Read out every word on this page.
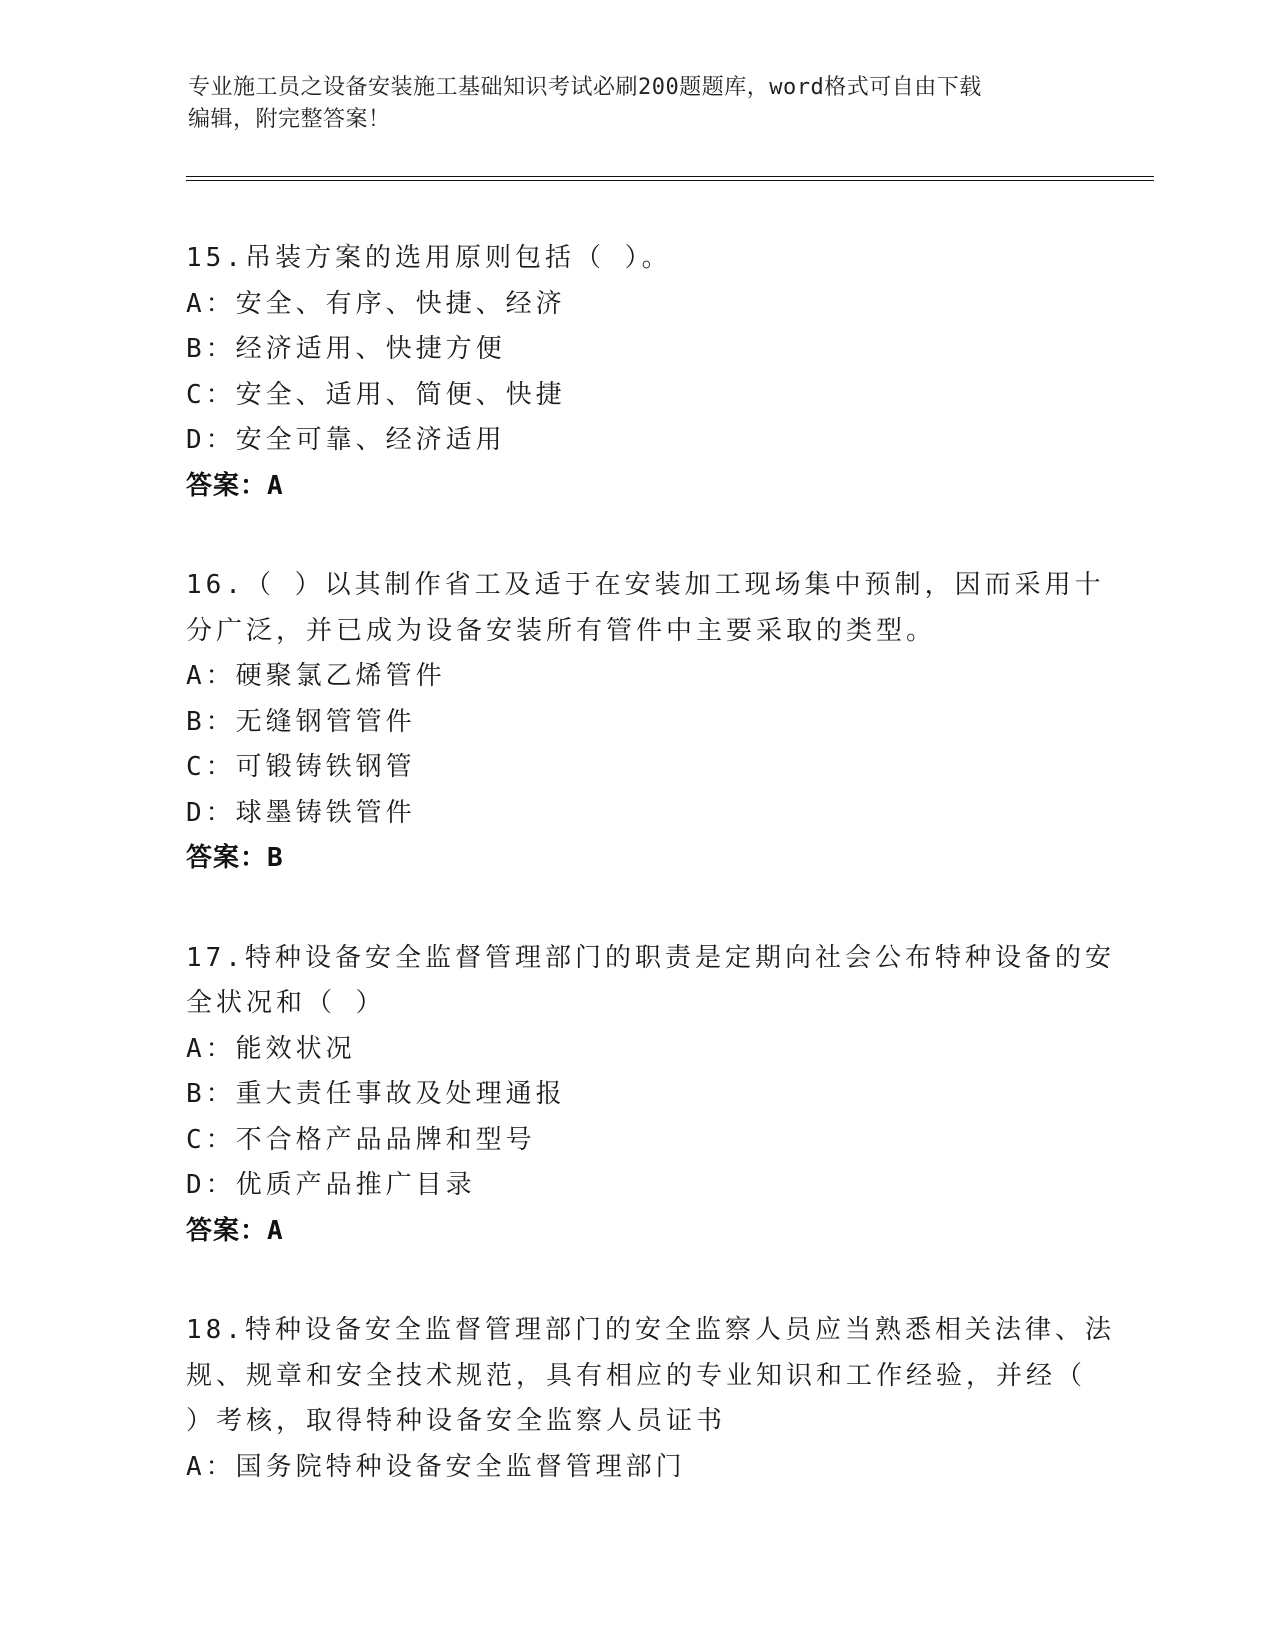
专业施工员之设备安装施工基础知识考试必刷200题题库，word格式可自由下载
编辑，附完整答案！
15.吊装方案的选用原则包括（ ）。
A：安全、有序、快捷、经济
B：经济适用、快捷方便
C：安全、适用、简便、快捷
D：安全可靠、经济适用
答案：A
16.（ ）以其制作省工及适于在安装加工现场集中预制，因而采用十
分广泛，并已成为设备安装所有管件中主要采取的类型。
A：硬聚氯乙烯管件
B：无缝钢管管件
C：可锻铸铁钢管
D：球墨铸铁管件
答案：B
17.特种设备安全监督管理部门的职责是定期向社会公布特种设备的安
全状况和（ ）
A：能效状况
B：重大责任事故及处理通报
C：不合格产品品牌和型号
D：优质产品推广目录
答案：A
18.特种设备安全监督管理部门的安全监察人员应当熟悉相关法律、法
规、规章和安全技术规范，具有相应的专业知识和工作经验，并经（
）考核，取得特种设备安全监察人员证书
A：国务院特种设备安全监督管理部门
